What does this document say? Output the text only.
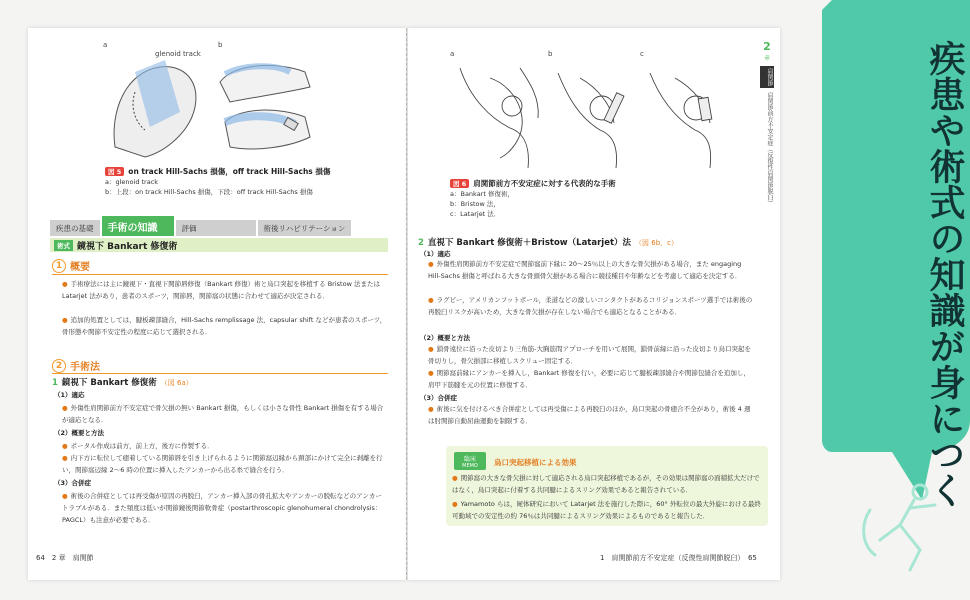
a	b
glenoid track
図 5 on track Hill-Sachs 損傷，off track Hill-Sachs 損傷
a：glenoid track
b：上段：on track Hill-Sachs 損傷，下段：off track Hill-Sachs 損傷
疾患の基礎	手術の知識	評価	術後リハビリテーション
術式 鏡視下 Bankart 修復術
1 概要
● 手術療法には主に鏡視下・直視下関節唇修復（Bankart 修復）術と烏口突起を移植する Bristow 法または Latarjet 法があり，患者のスポーツ，関節唇，関節窩の状態に合わせて適応が決定される．
● 追加的処置としては，腱板疎部縫合，Hill-Sachs remplissage 法，capsular shift などが患者のスポーツ，骨形態や関節不安定性の程度に応じて選択される．
2 手術法
1 鏡視下 Bankart 修復術 （図 6a）
（1）適応
● 外傷性肩関節前方不安定症で骨欠損の無い Bankart 損傷，もしくは小さな骨性 Bankart 損傷を有する場合が適応となる．
（2）概要と方法
● ポータル作成は前方，前上方，後方に作製する．
● 内下方に転位して癒着している関節唇を引き上げられるように関節窩辺縁から頚部にかけて完全に剥離を行い，関節窩辺縁 2～6 時の位置に挿入したアンカーから出る糸で縫合を行う．
（3）合併症
● 術後の合併症としては再受傷が原因の再脱臼，アンカー挿入部の骨孔拡大やアンカーの脱転などのアンカートラブルがある．また頻度は低いが関節鏡後関節軟骨症（postarthroscopic glenohumeral chondrolysis：PAGCL）も注意が必要である．
64　 2 章　肩関節
a	b	c
図 6 肩関節前方不安定症に対する代表的な手術
a：Bankart 修復術，
b：Bristow 法，
c：Latarjet 法．
2 直視下 Bankart 修復術＋Bristow（Latarjet）法 （図 6b，c）
（1）適応
● 外傷性肩関節前方不安定症で関節窩前下縁に 20～25％以上の大きな骨欠損がある場合，また engaging Hill-Sachs 損傷と呼ばれる大きな骨頭骨欠損がある場合に競技種目や年齢などを考慮して適応を決定する．
● ラグビー，アメリカンフットボール，柔道などの激しいコンタクトがあるコリジョンスポーツ選手では術後の再脱臼リスクが高いため，大きな骨欠損が存在しない場合でも適応となることがある．
（2）概要と方法
● 鎖骨遠位に沿った皮切より三角筋-大胸筋間アプローチを用いて展開，鎖骨前縁に沿った皮切より烏口突起を骨切りし，骨欠損部に移植しスクリュー固定する．
● 関節窩前縁にアンカーを挿入し，Bankart 修復を行い，必要に応じて腱板疎部縫合や関節包縫合を追加し，肩甲下筋腱を元の位置に修復する．
（3）合併症
● 術後に気を付けるべき合併症としては再受傷による再脱臼のほか，烏口突起の骨癒合不全があり，術後 4 週は肘関節自動屈曲運動を制限する．
臨床
MEMO 烏口突起移植による効果
● 関節窩の大きな骨欠損に対して適応される烏口突起移植であるが，その効果は関節窩の面積拡大だけではなく，烏口突起に付着する共同腱によるスリング効果であると報告されている．
● Yamamoto らは，屍体研究において Latarjet 法を施行した際に，60° 外転位の最大外旋における最終可動域での安定性の約 76％は共同腱によるスリング効果によるものであると報告した．
1　肩関節前方不安定症（反復性肩関節脱臼）　 65
2
章
肩関節
肩関節前方不安定症（反復性肩関節脱臼）	疾患や術式の知識が身につく
